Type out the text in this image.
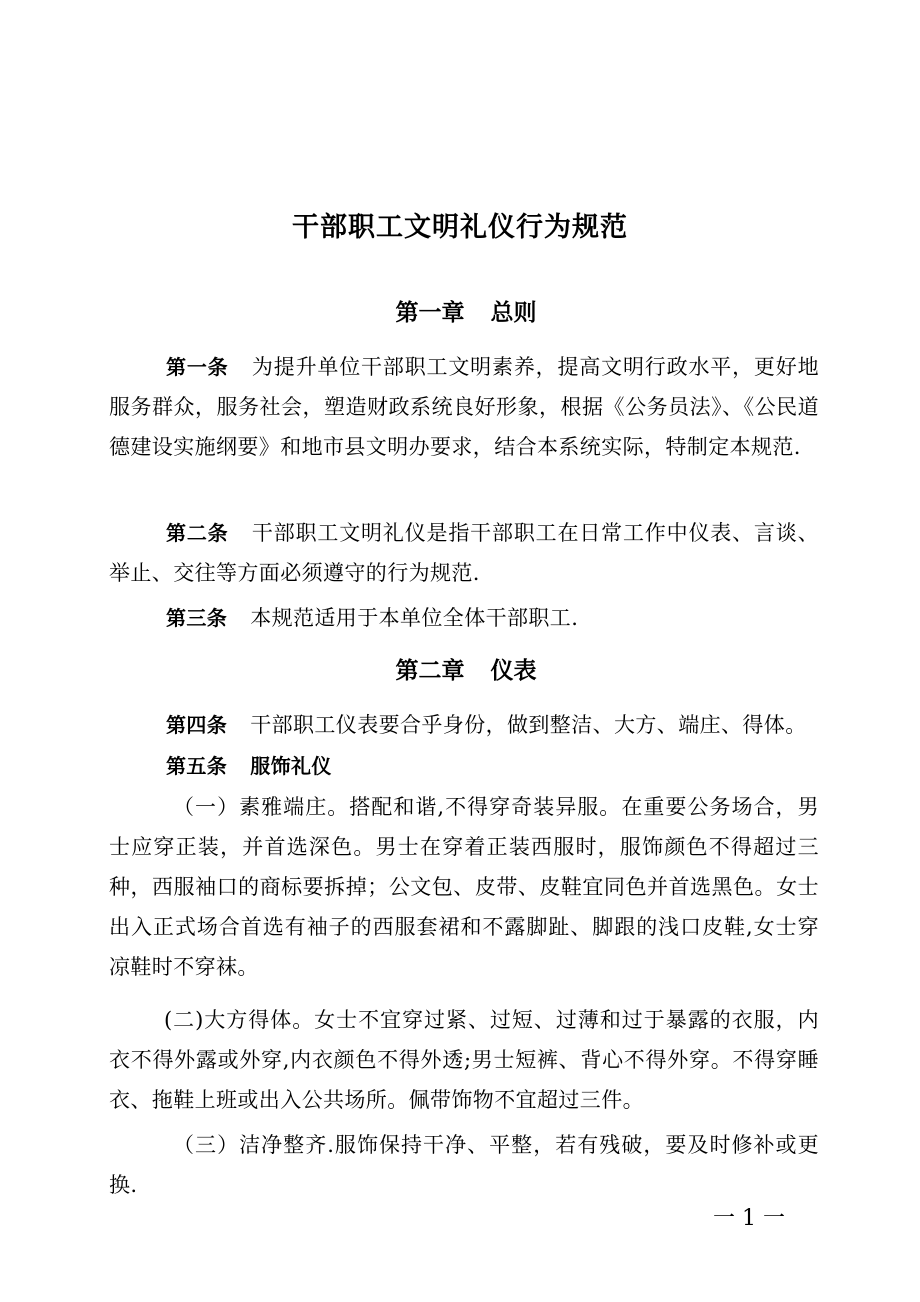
干部职工文明礼仪行为规范
第一章 总则
第一条 为提升单位干部职工文明素养，提高文明行政水平，更好地服务群众，服务社会，塑造财政系统良好形象，根据《公务员法》、《公民道德建设实施纲要》和地市县文明办要求，结合本系统实际，特制定本规范.
第二条 干部职工文明礼仪是指干部职工在日常工作中仪表、言谈、举止、交往等方面必须遵守的行为规范.
第三条 本规范适用于本单位全体干部职工.
第二章 仪表
第四条 干部职工仪表要合乎身份，做到整洁、大方、端庄、得体。
第五条 服饰礼仪
（一）素雅端庄。搭配和谐,不得穿奇装异服。在重要公务场合，男士应穿正装，并首选深色。男士在穿着正装西服时，服饰颜色不得超过三种，西服袖口的商标要拆掉；公文包、皮带、皮鞋宜同色并首选黑色。女士出入正式场合首选有袖子的西服套裙和不露脚趾、脚跟的浅口皮鞋,女士穿凉鞋时不穿袜。
(二)大方得体。女士不宜穿过紧、过短、过薄和过于暴露的衣服，内衣不得外露或外穿,内衣颜色不得外透;男士短裤、背心不得外穿。不得穿睡衣、拖鞋上班或出入公共场所。佩带饰物不宜超过三件。
（三）洁净整齐.服饰保持干净、平整，若有残破，要及时修补或更换.
一 1 一
